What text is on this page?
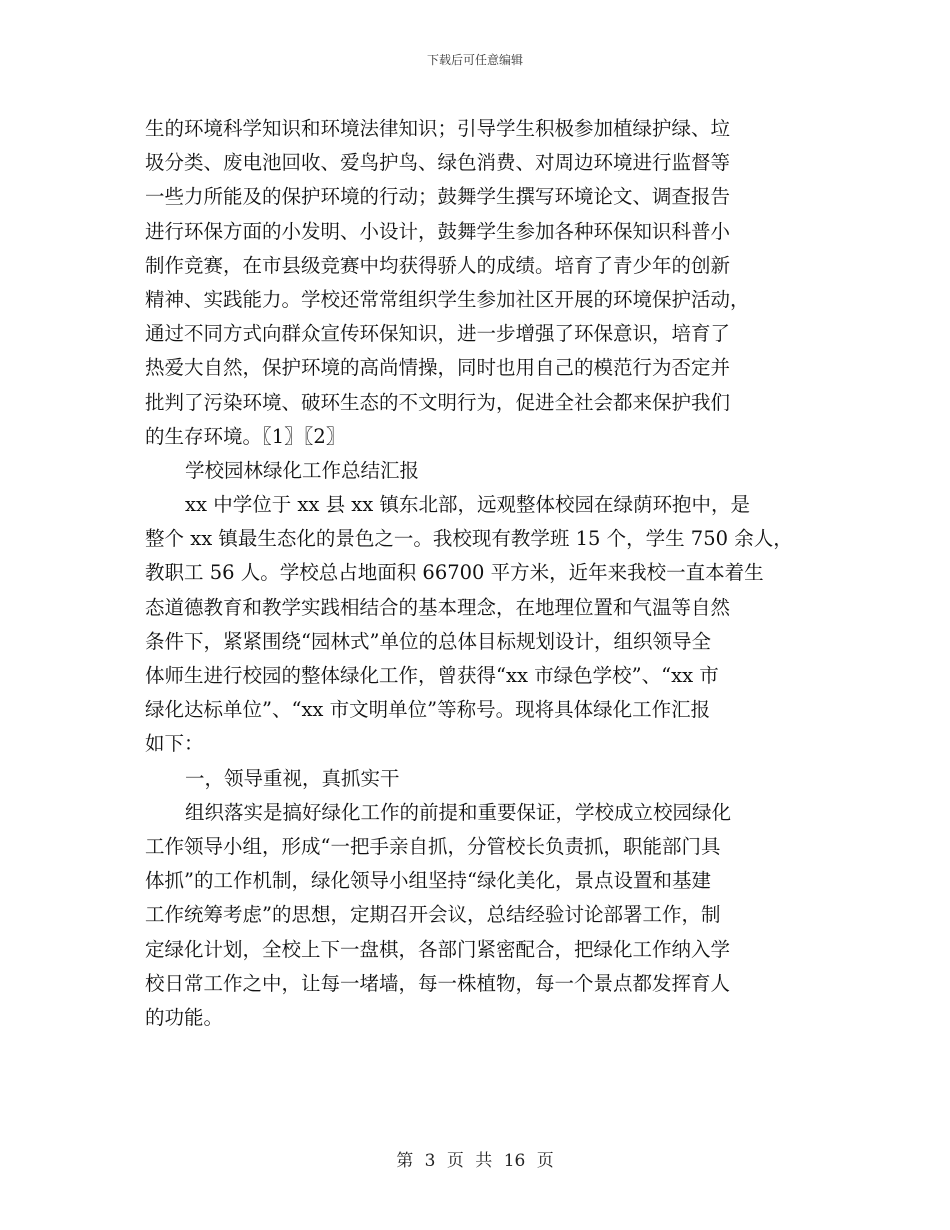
下载后可任意编辑
生的环境科学知识和环境法律知识；引导学生积极参加植绿护绿、垃
圾分类、废电池回收、爱鸟护鸟、绿色消费、对周边环境进行监督等
一些力所能及的保护环境的行动；鼓舞学生撰写环境论文、调查报告
进行环保方面的小发明、小设计，鼓舞学生参加各种环保知识科普小
制作竞赛，在市县级竞赛中均获得骄人的成绩。培育了青少年的创新
精神、实践能力。学校还常常组织学生参加社区开展的环境保护活动，
通过不同方式向群众宣传环保知识，进一步增强了环保意识，培育了
热爱大自然，保护环境的高尚情操，同时也用自己的模范行为否定并
批判了污染环境、破环生态的不文明行为，促进全社会都来保护我们
的生存环境。〖1〗〖2〗
学校园林绿化工作总结汇报
xx 中学位于 xx 县 xx 镇东北部，远观整体校园在绿荫环抱中，是
整个 xx 镇最生态化的景色之一。我校现有教学班 15 个，学生 750 余人，
教职工 56 人。学校总占地面积 66700 平方米，近年来我校一直本着生
态道德教育和教学实践相结合的基本理念，在地理位置和气温等自然
条件下，紧紧围绕“园林式”单位的总体目标规划设计，组织领导全
体师生进行校园的整体绿化工作，曾获得“xx 市绿色学校”、“xx 市
绿化达标单位”、“xx 市文明单位”等称号。现将具体绿化工作汇报
如下：
一，领导重视，真抓实干
组织落实是搞好绿化工作的前提和重要保证，学校成立校园绿化
工作领导小组，形成“一把手亲自抓，分管校长负责抓，职能部门具
体抓”的工作机制，绿化领导小组坚持“绿化美化，景点设置和基建
工作统筹考虑”的思想，定期召开会议，总结经验讨论部署工作，制
定绿化计划，全校上下一盘棋，各部门紧密配合，把绿化工作纳入学
校日常工作之中，让每一堵墙，每一株植物，每一个景点都发挥育人
的功能。
第 3 页 共 16 页
